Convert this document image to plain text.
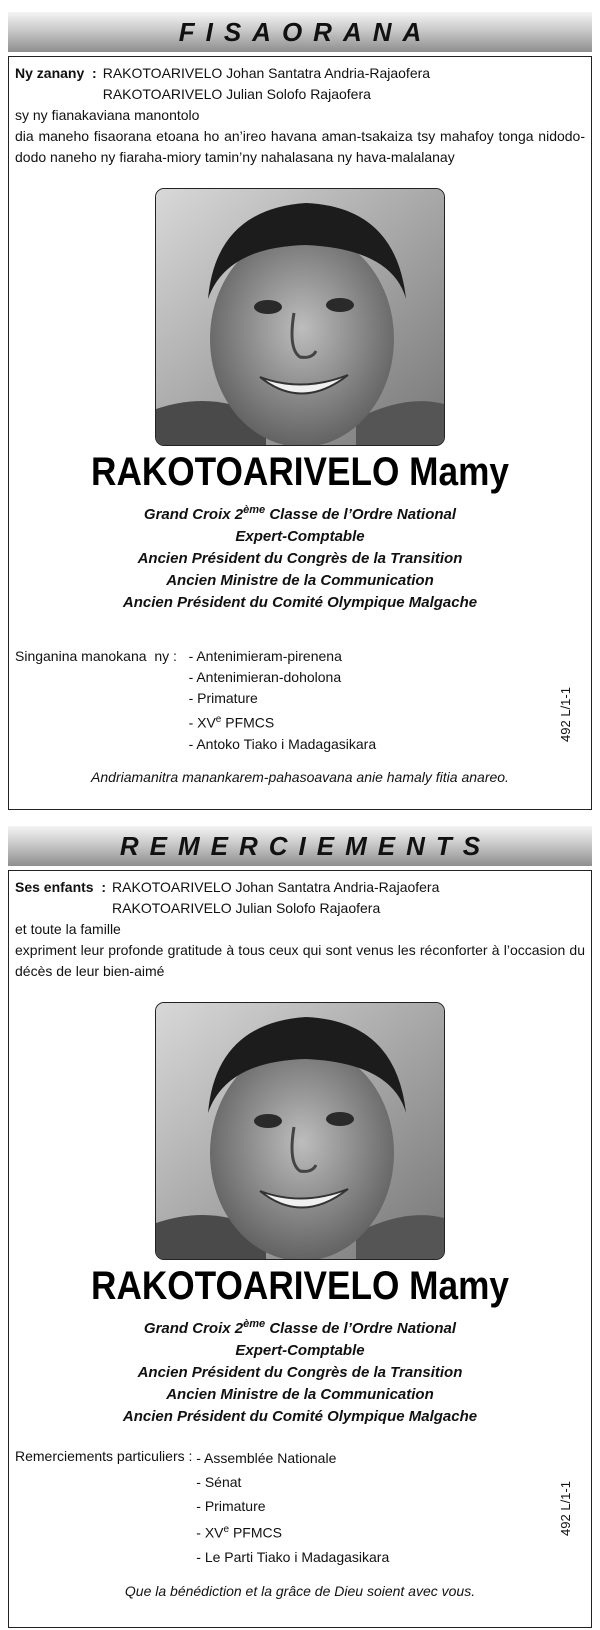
FISAORANA
Ny zanany  : RAKOTOARIVELO Johan Santatra Andria-Rajaofera
RAKOTOARIVELO Julian Solofo Rajaofera
sy ny fianakaviana manontolo
dia maneho fisaorana etoana ho an’ireo havana aman-tsakaiza tsy mahafoy tonga nidodo-dodo naneho ny fiaraha-miory tamin’ny nahalasana ny hava-malalanay
RAKOTOARIVELO Mamy
Grand Croix 2ème Classe de l’Ordre National
Expert-Comptable
Ancien Président du Congrès de la Transition
Ancien Ministre de la Communication
Ancien Président du Comité Olympique Malgache
Singanina manokana  ny : - Antenimieram-pirenena
- Antenimieran-doholona
- Primature
- XVe PFMCS
- Antoko Tiako i Madagasikara
Andriamanitra manankarem-pahasoavana anie hamaly fitia anareo.
492 L/1-1
REMERCIEMENTS
Ses enfants  : RAKOTOARIVELO Johan Santatra Andria-Rajaofera
RAKOTOARIVELO Julian Solofo Rajaofera
et toute la famille
expriment leur profonde gratitude à tous ceux qui sont venus les réconforter à l’occasion du décès de leur bien-aimé
RAKOTOARIVELO Mamy
Grand Croix 2ème Classe de l’Ordre National
Expert-Comptable
Ancien Président du Congrès de la Transition
Ancien Ministre de la Communication
Ancien Président du Comité Olympique Malgache
Remerciements particuliers : - Assemblée Nationale
- Sénat
- Primature
- XVe PFMCS
- Le Parti Tiako i Madagasikara
Que la bénédiction et la grâce de Dieu soient avec vous.
492 L/1-1
